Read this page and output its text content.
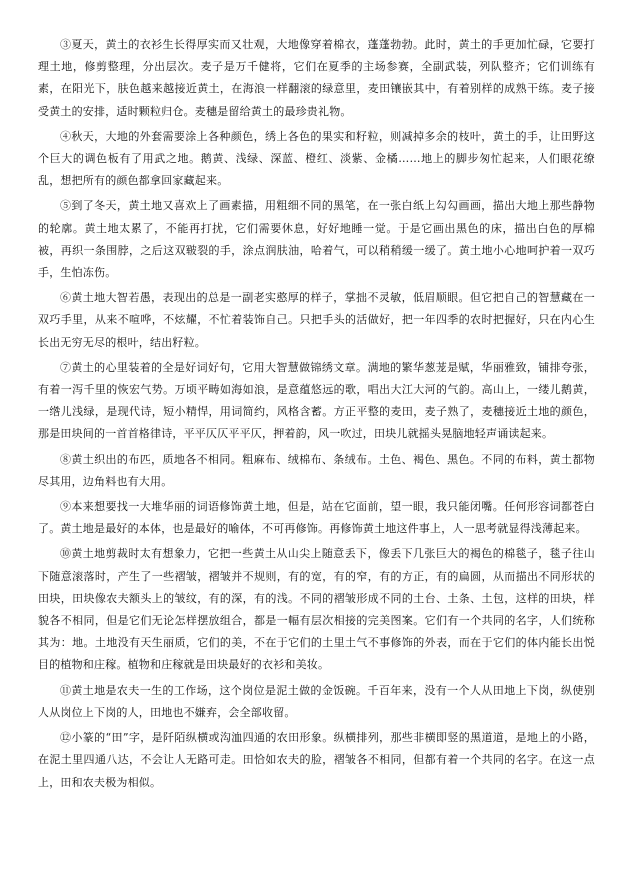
③夏天，黄土的衣衫生长得厚实而又壮观，大地像穿着棉衣，蓬蓬勃勃。此时，黄土的手更加忙碌，它要打理土地，修剪整理，分出层次。麦子是万千健将，它们在夏季的主场参赛，全副武装，列队整齐；它们训练有素，在阳光下，肤色越来越接近黄土，在海浪一样翻滚的绿意里，麦田镶嵌其中，有着别样的成熟干练。麦子接受黄土的安排，适时颗粒归仓。麦穗是留给黄土的最珍贵礼物。

④秋天，大地的外套需要涂上各种颜色，绣上各色的果实和籽粒，则减掉多余的枝叶，黄土的手，让田野这个巨大的调色板有了用武之地。鹅黄、浅绿、深蓝、橙红、淡紫、金橘……地上的脚步匆忙起来，人们眼花缭乱，想把所有的颜色都拿回家藏起来。

⑤到了冬天，黄土地又喜欢上了画素描，用粗细不同的黑笔，在一张白纸上勾勾画画，描出大地上那些静物的轮廓。黄土地太累了，不能再打扰，它们需要休息，好好地睡一觉。于是它画出黑色的床，描出白色的厚棉被，再织一条围脖，之后这双皲裂的手，涂点润肤油，哈着气，可以稍稍缓一缓了。黄土地小心地呵护着一双巧手，生怕冻伤。

⑥黄土地大智若愚，表现出的总是一副老实憨厚的样子，掌拙不灵敏，低眉顺眼。但它把自己的智慧藏在一双巧手里，从来不喧哗，不炫耀，不忙着装饰自己。只把手头的活做好，把一年四季的农时把握好，只在内心生长出无穷无尽的根叶，结出籽粒。

⑦黄土的心里装着的全是好词好句，它用大智慧做锦绣文章。满地的繁华葱茏是赋，华丽雅致，铺排夸张，有着一泻千里的恢宏气势。万顷平畴如海如浪，是意蕴悠远的歌，唱出大江大河的气韵。高山上，一缕儿鹅黄，一绺儿浅绿，是现代诗，短小精悍，用词简约，风格含蓄。方正平整的麦田，麦子熟了，麦穗接近土地的颜色，那是田块间的一首首格律诗，平平仄仄平平仄，押着韵，风一吹过，田块儿就摇头晃脑地轻声诵读起来。

⑧黄土织出的布匹，质地各不相同。粗麻布、绒棉布、条绒布。土色、褐色、黑色。不同的布料，黄土都物尽其用，边角料也有大用。

⑨本来想要找一大堆华丽的词语修饰黄土地，但是，站在它面前，望一眼，我只能闭嘴。任何形容词都苍白了。黄土地是最好的本体，也是最好的喻体，不可再修饰。再修饰黄土地这件事上，人一思考就显得浅薄起来。

⑩黄土地剪裁时太有想象力，它把一些黄土从山尖上随意丢下，像丢下几张巨大的褐色的棉毯子，毯子往山下随意滚落时，产生了一些褶皱，褶皱并不规则，有的宽，有的窄，有的方正，有的扁圆，从而描出不同形状的田块，田块像农夫额头上的皱纹，有的深，有的浅。不同的褶皱形成不同的土台、土条、土包，这样的田块，样貌各不相同，但是它们无论怎样摆放组合，都是一幅有层次相接的完美图案。它们有一个共同的名字，人们统称其为：地。土地没有天生丽质，它们的美，不在于它们的土里土气不事修饰的外表，而在于它们的体内能长出悦目的植物和庄稼。植物和庄稼就是田块最好的衣衫和美妆。

⑪黄土地是农夫一生的工作场，这个岗位是泥土做的金饭碗。千百年来，没有一个人从田地上下岗，纵使别人从岗位上下岗的人，田地也不嫌弃，会全部收留。

⑫小篆的“田”字，是阡陌纵横或沟洫四通的农田形象。纵横排列，那些非横即竖的黑道道，是地上的小路，在泥土里四通八达，不会让人无路可走。田恰如农夫的脸，褶皱各不相同，但都有着一个共同的名字。在这一点上，田和农夫极为相似。
